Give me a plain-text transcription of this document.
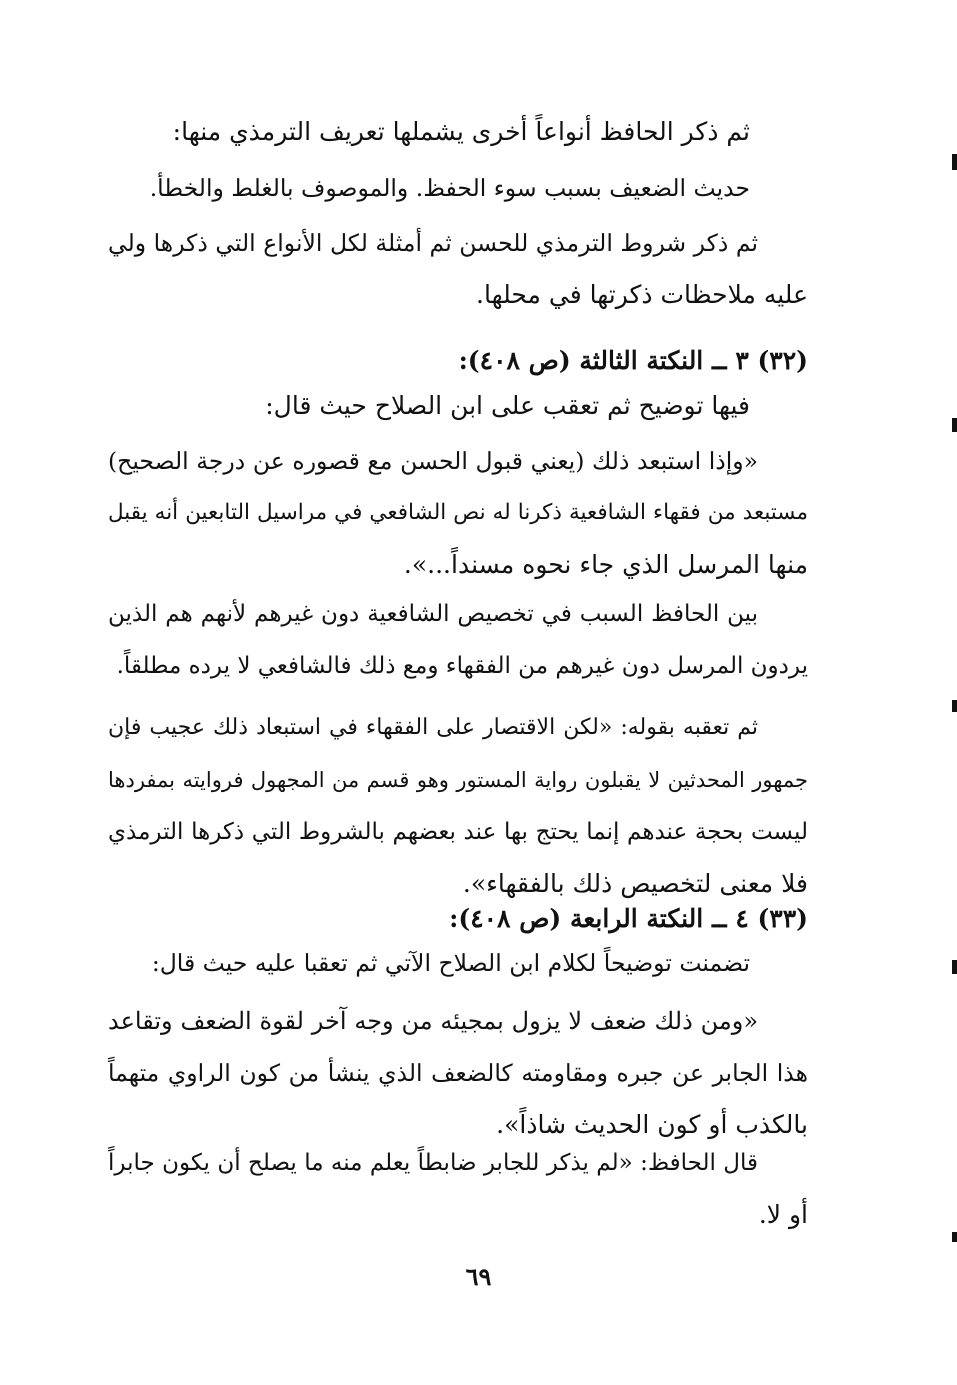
ثم ذكر الحافظ أنواعاً أخرى يشملها تعريف الترمذي منها:
حديث الضعيف بسبب سوء الحفظ. والموصوف بالغلط والخطأ.
ثم ذكر شروط الترمذي للحسن ثم أمثلة لكل الأنواع التي ذكرها ولي
عليه ملاحظات ذكرتها في محلها.
(٣٢) ٣ ــ النكتة الثالثة (ص ٤٠٨):
فيها توضيح ثم تعقب على ابن الصلاح حيث قال:
«وإذا استبعد ذلك (يعني قبول الحسن مع قصوره عن درجة الصحيح)
مستبعد من فقهاء الشافعية ذكرنا له نص الشافعي في مراسيل التابعين أنه يقبل
منها المرسل الذي جاء نحوه مسنداً...».
بين الحافظ السبب في تخصيص الشافعية دون غيرهم لأنهم هم الذين
يردون المرسل دون غيرهم من الفقهاء ومع ذلك فالشافعي لا يرده مطلقاً.
ثم تعقبه بقوله: «لكن الاقتصار على الفقهاء في استبعاد ذلك عجيب فإن
جمهور المحدثين لا يقبلون رواية المستور وهو قسم من المجهول فروايته بمفردها
ليست بحجة عندهم إنما يحتج بها عند بعضهم بالشروط التي ذكرها الترمذي
فلا معنى لتخصيص ذلك بالفقهاء».
(٣٣) ٤ ــ النكتة الرابعة (ص ٤٠٨):
تضمنت توضيحاً لكلام ابن الصلاح الآتي ثم تعقبا عليه حيث قال:
«ومن ذلك ضعف لا يزول بمجيئه من وجه آخر لقوة الضعف وتقاعد
هذا الجابر عن جبره ومقاومته كالضعف الذي ينشأ من كون الراوي متهماً
بالكذب أو كون الحديث شاذاً».
قال الحافظ: «لم يذكر للجابر ضابطاً يعلم منه ما يصلح أن يكون جابراً
أو لا.
٦٩
